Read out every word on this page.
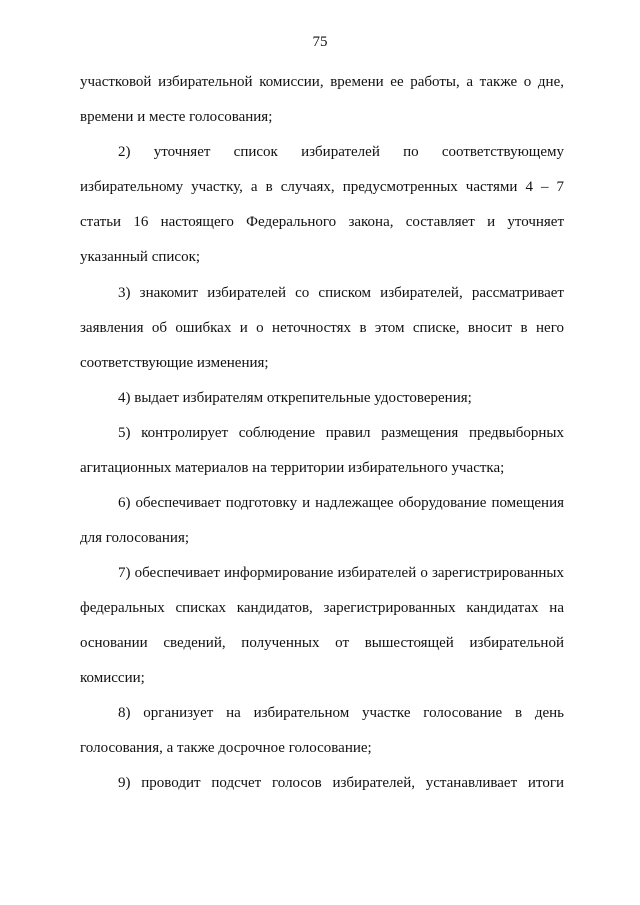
75
участковой избирательной комиссии, времени ее работы, а также о дне,
времени и месте голосования;
2) уточняет список избирателей по соответствующему
избирательному участку, а в случаях, предусмотренных частями 4 – 7
статьи 16 настоящего Федерального закона, составляет и уточняет
указанный список;
3) знакомит избирателей со списком избирателей, рассматривает
заявления об ошибках и о неточностях в этом списке, вносит в него
соответствующие изменения;
4) выдает избирателям открепительные удостоверения;
5) контролирует соблюдение правил размещения предвыборных
агитационных материалов на территории избирательного участка;
6) обеспечивает подготовку и надлежащее оборудование помещения
для голосования;
7) обеспечивает информирование избирателей о зарегистрированных
федеральных списках кандидатов, зарегистрированных кандидатах на
основании сведений, полученных от вышестоящей избирательной
комиссии;
8) организует на избирательном участке голосование в день
голосования, а также досрочное голосование;
9) проводит подсчет голосов избирателей, устанавливает итоги
